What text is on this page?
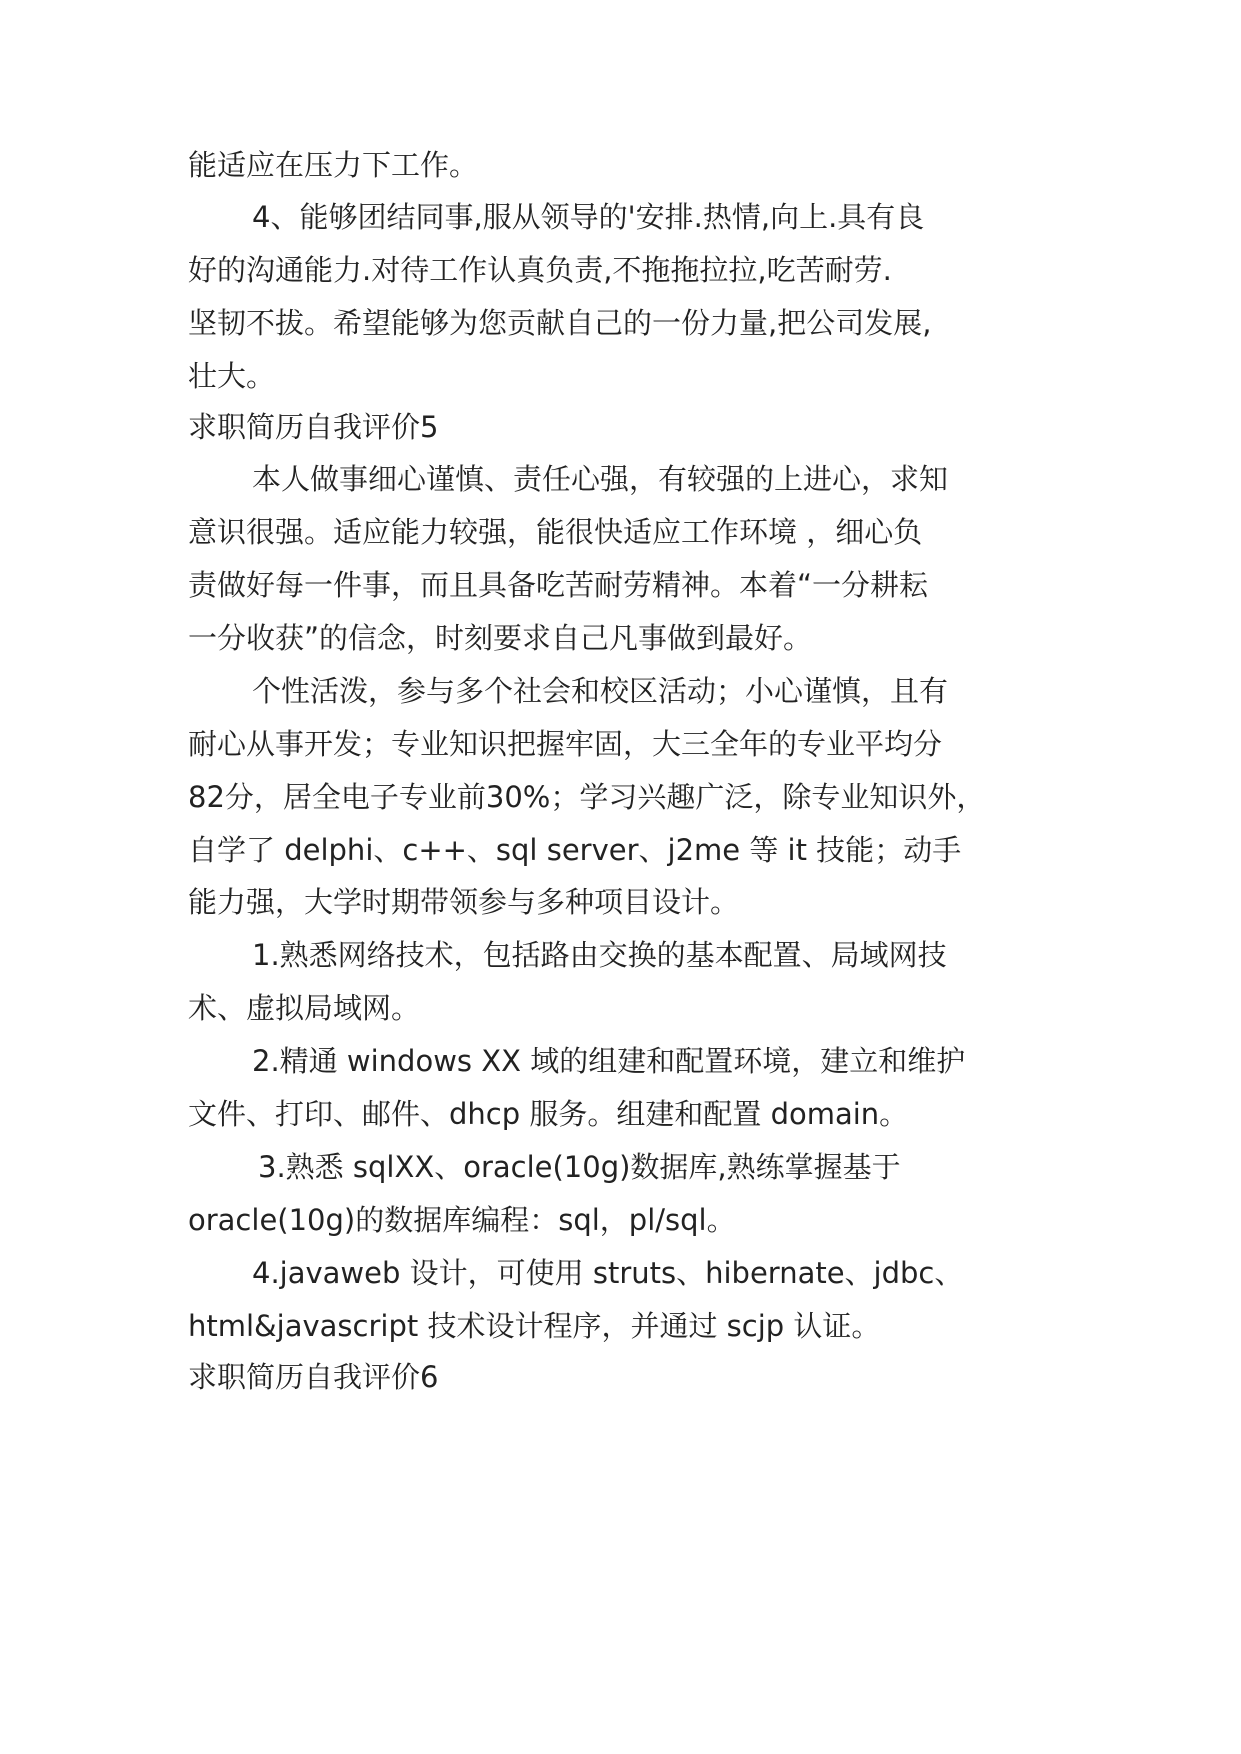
能适应在压力下工作。
4、能够团结同事,服从领导的'安排.热情,向上.具有良
好的沟通能力.对待工作认真负责,不拖拖拉拉,吃苦耐劳.
坚韧不拔。希望能够为您贡献自己的一份力量,把公司发展,
壮大。
求职简历自我评价5
本人做事细心谨慎、责任心强，有较强的上进心，求知
意识很强。适应能力较强，能很快适应工作环境 ，细心负
责做好每一件事，而且具备吃苦耐劳精神。本着“一分耕耘
一分收获”的信念，时刻要求自己凡事做到最好。
个性活泼，参与多个社会和校区活动；小心谨慎，且有
耐心从事开发；专业知识把握牢固，大三全年的专业平均分
82分，居全电子专业前30%；学习兴趣广泛，除专业知识外，
自学了 delphi、c++、sql server、j2me 等 it 技能；动手
能力强，大学时期带领参与多种项目设计。
1.熟悉网络技术，包括路由交换的基本配置、局域网技
术、虚拟局域网。
2.精通 windows XX 域的组建和配置环境，建立和维护
文件、打印、邮件、dhcp 服务。组建和配置 domain。
3.熟悉 sqlXX、oracle(10g)数据库,熟练掌握基于
oracle(10g)的数据库编程：sql，pl/sql。
4.javaweb 设计，可使用 struts、hibernate、jdbc、
html&javascript 技术设计程序，并通过 scjp 认证。
求职简历自我评价6
